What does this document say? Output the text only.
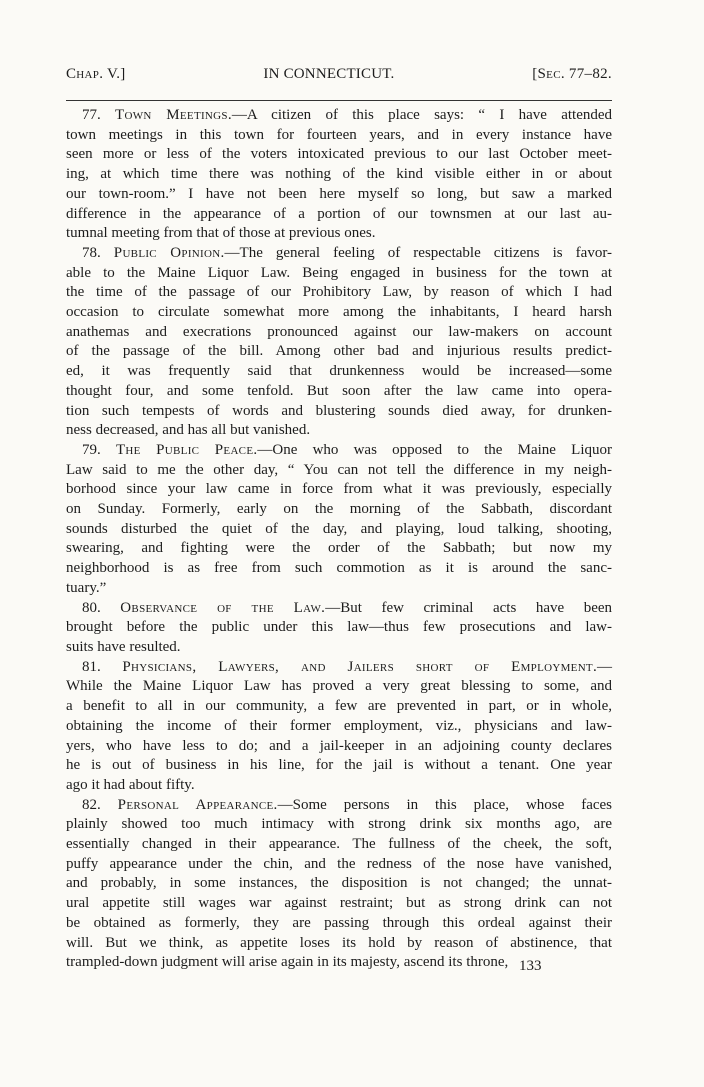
Chap. V.]	IN CONNECTICUT.	[Sec. 77–82.
77. Town Meetings.—A citizen of this place says: “ I have attended
town meetings in this town for fourteen years, and in every instance have
seen more or less of the voters intoxicated previous to our last October meet-
ing, at which time there was nothing of the kind visible either in or about
our town-room.” I have not been here myself so long, but saw a marked
difference in the appearance of a portion of our townsmen at our last au-
tumnal meeting from that of those at previous ones.
78. Public Opinion.—The general feeling of respectable citizens is favor-
able to the Maine Liquor Law. Being engaged in business for the town at
the time of the passage of our Prohibitory Law, by reason of which I had
occasion to circulate somewhat more among the inhabitants, I heard harsh
anathemas and execrations pronounced against our law-makers on account
of the passage of the bill. Among other bad and injurious results predict-
ed, it was frequently said that drunkenness would be increased—some
thought four, and some tenfold. But soon after the law came into opera-
tion such tempests of words and blustering sounds died away, for drunken-
ness decreased, and has all but vanished.
79. The Public Peace.—One who was opposed to the Maine Liquor
Law said to me the other day, “ You can not tell the difference in my neigh-
borhood since your law came in force from what it was previously, especially
on Sunday. Formerly, early on the morning of the Sabbath, discordant
sounds disturbed the quiet of the day, and playing, loud talking, shooting,
swearing, and fighting were the order of the Sabbath; but now my
neighborhood is as free from such commotion as it is around the sanc-
tuary.”
80. Observance of the Law.—But few criminal acts have been
brought before the public under this law—thus few prosecutions and law-
suits have resulted.
81. Physicians, Lawyers, and Jailers short of Employment.—
While the Maine Liquor Law has proved a very great blessing to some, and
a benefit to all in our community, a few are prevented in part, or in whole,
obtaining the income of their former employment, viz., physicians and law-
yers, who have less to do; and a jail-keeper in an adjoining county declares
he is out of business in his line, for the jail is without a tenant. One year
ago it had about fifty.
82. Personal Appearance.—Some persons in this place, whose faces
plainly showed too much intimacy with strong drink six months ago, are
essentially changed in their appearance. The fullness of the cheek, the soft,
puffy appearance under the chin, and the redness of the nose have vanished,
and probably, in some instances, the disposition is not changed; the unnat-
ural appetite still wages war against restraint; but as strong drink can not
be obtained as formerly, they are passing through this ordeal against their
will. But we think, as appetite loses its hold by reason of abstinence, that
trampled-down judgment will arise again in its majesty, ascend its throne, 133
